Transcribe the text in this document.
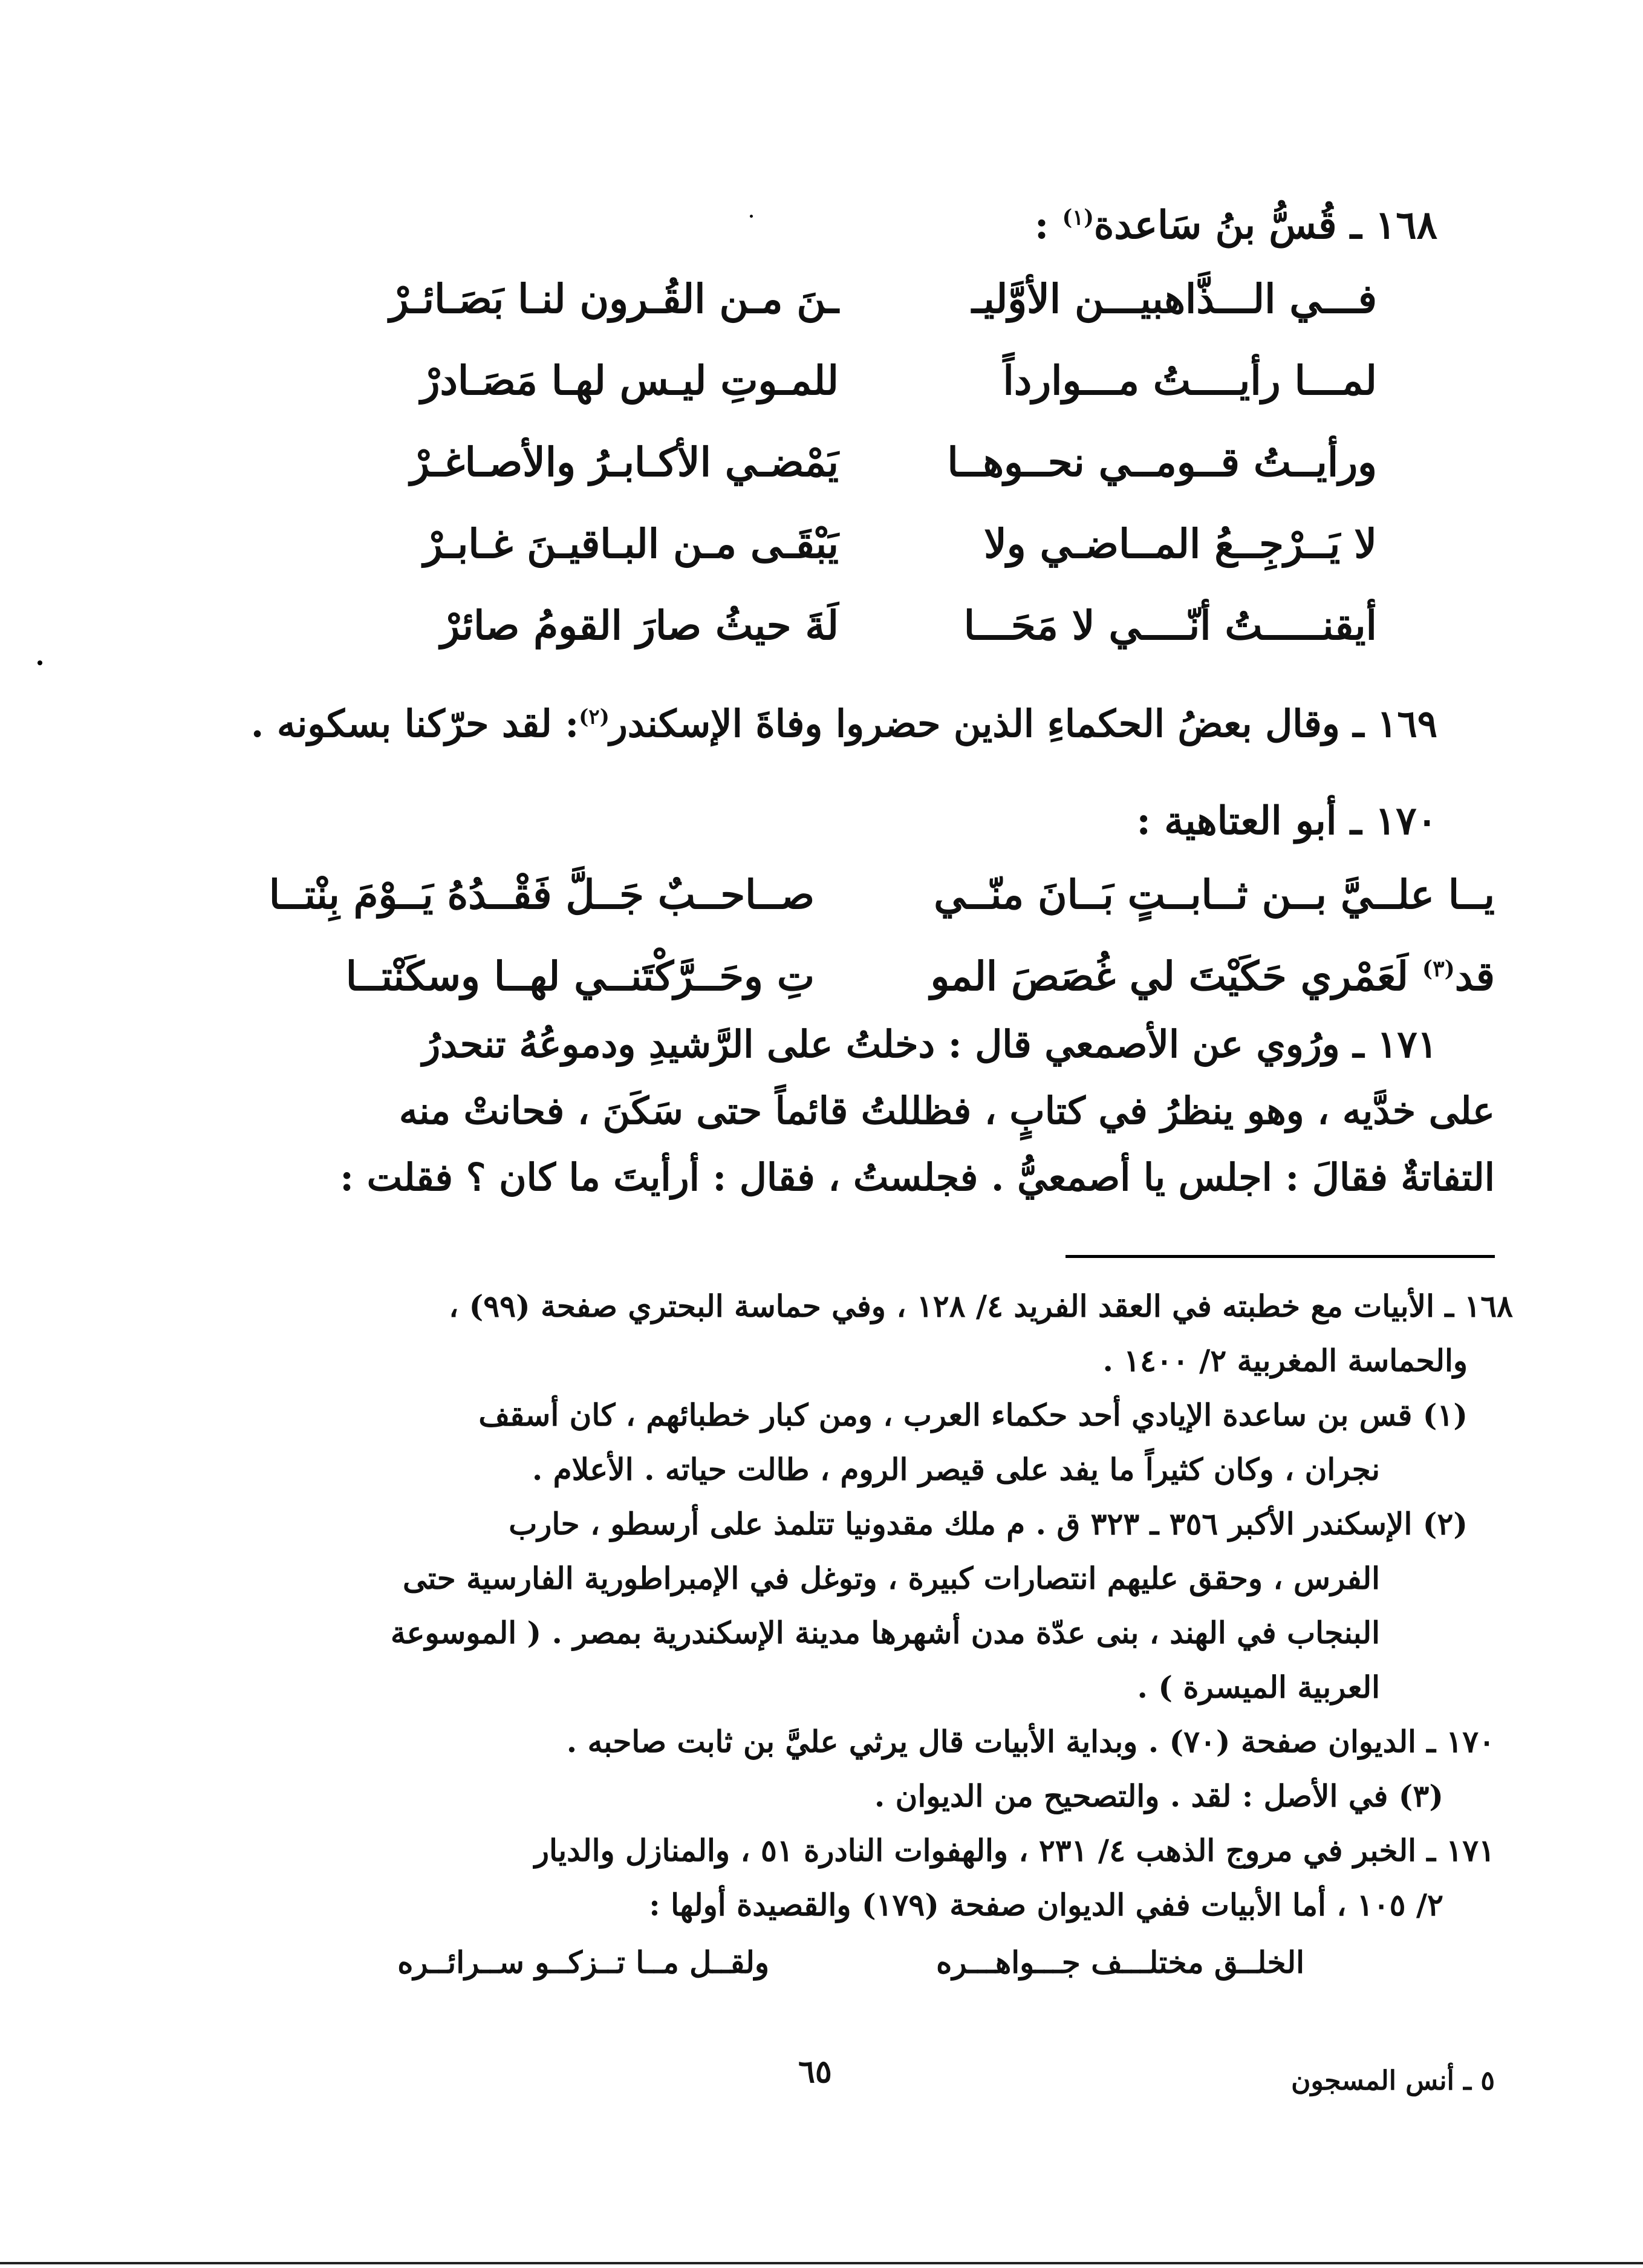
١٦٨ ـ قُسُّ بنُ سَاعدة$^{(١)}$ :
فـــي الـــذَّاهبيـــن الأوَّليـ
ـنَ مـن القُـرون لنـا بَصَـائـرْ
لمـــا رأيــــتُ مـــوارداً
للمـوتِ ليـس لهـا مَصَـادرْ
ورأيــتُ قــومــي نحــوهــا
يَمْضـي الأكـابـرُ والأصـاغـرْ
لا يَــرْجِــعُ المــاضـي ولا
يَبْقَـى مـن البـاقيـنَ غـابـرْ
أيقنـــــتُ أنّــــي لا مَحَـــا
لَةَ حيثُ صارَ القومُ صائرْ
١٦٩ ـ وقال بعضُ الحكماءِ الذين حضروا وفاةَ الإسكندر$^{(٢)}$: لقد حرّكنا بسكونه .
١٧٠ ـ أبو العتاهية :
يــا علــيَّ بــن ثــابــتٍ بَــانَ منّــي
صــاحــبٌ جَــلَّ فَقْــدُهُ يَــوْمَ بِنْتــا
قد$^{(٣)}$ لَعَمْري حَكَيْتَ لي غُصَصَ المو
تِ وحَــرَّكْتَنــي لهــا وسكَنْتــا
١٧١ ـ ورُوي عن الأصمعي قال : دخلتُ على الرَّشيدِ ودموعُهُ تنحدرُ
على خدَّيه ، وهو ينظرُ في كتابٍ ، فظللتُ قائماً حتى سَكَنَ ، فحانتْ منه
التفاتةٌ فقالَ : اجلس يا أصمعيُّ . فجلستُ ، فقال : أرأيتَ ما كان ؟ فقلت :
١٦٨ ـ الأبيات مع خطبته في العقد الفريد ٤/ ١٢٨ ، وفي حماسة البحتري صفحة (٩٩) ،
والحماسة المغربية ٢/ ١٤٠٠ .
(١) قس بن ساعدة الإيادي أحد حكماء العرب ، ومن كبار خطبائهم ، كان أسقف
نجران ، وكان كثيراً ما يفد على قيصر الروم ، طالت حياته . الأعلام .
(٢) الإسكندر الأكبر ٣٥٦ ـ ٣٢٣ ق . م ملك مقدونيا تتلمذ على أرسطو ، حارب
الفرس ، وحقق عليهم انتصارات كبيرة ، وتوغل في الإمبراطورية الفارسية حتى
البنجاب في الهند ، بنى عدّة مدن أشهرها مدينة الإسكندرية بمصر . ( الموسوعة
العربية الميسرة ) .
١٧٠ ـ الديوان صفحة (٧٠) . وبداية الأبيات قال يرثي عليَّ بن ثابت صاحبه .
(٣) في الأصل : لقد . والتصحيح من الديوان .
١٧١ ـ الخبر في مروج الذهب ٤/ ٢٣١ ، والهفوات النادرة ٥١ ، والمنازل والديار
٢/ ١٠٥ ، أما الأبيات ففي الديوان صفحة (١٧٩) والقصيدة أولها :
الخلــق مختلـــف جـــواهـــره
ولقــل مــا تــزكــو ســرائــره
٦٥	٥ ـ أنس المسجون
